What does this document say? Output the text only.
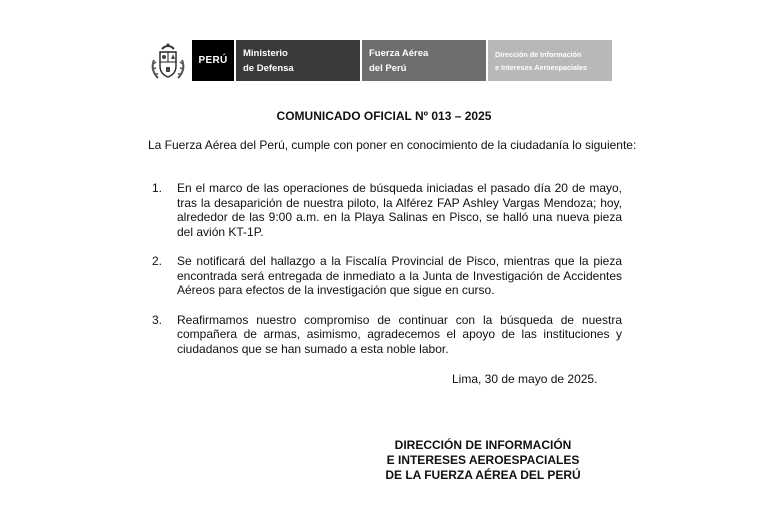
PERÚ
Ministerio
de Defensa
Fuerza Aérea
del Perú
Dirección de Información
e Intereses Aeroespaciales
COMUNICADO OFICIAL Nº 013 – 2025
La Fuerza Aérea del Perú, cumple con poner en conocimiento de la ciudadanía lo siguiente:
1.	En el marco de las operaciones de búsqueda iniciadas el pasado día 20 de mayo, tras la desaparición de nuestra piloto, la Alférez FAP Ashley Vargas Mendoza; hoy, alrededor de las 9:00 a.m. en la Playa Salinas en Pisco, se halló una nueva pieza del avión KT-1P.
2.	Se notificará del hallazgo a la Fiscalía Provincial de Pisco, mientras que la pieza encontrada será entregada de inmediato a la Junta de Investigación de Accidentes Aéreos para efectos de la investigación que sigue en curso.
3.	Reafirmamos nuestro compromiso de continuar con la búsqueda de nuestra compañera de armas, asimismo, agradecemos el apoyo de las instituciones y ciudadanos que se han sumado a esta noble labor.
Lima, 30 de mayo de 2025.
DIRECCIÓN DE INFORMACIÓN
E INTERESES AEROESPACIALES
DE LA FUERZA AÉREA DEL PERÚ
